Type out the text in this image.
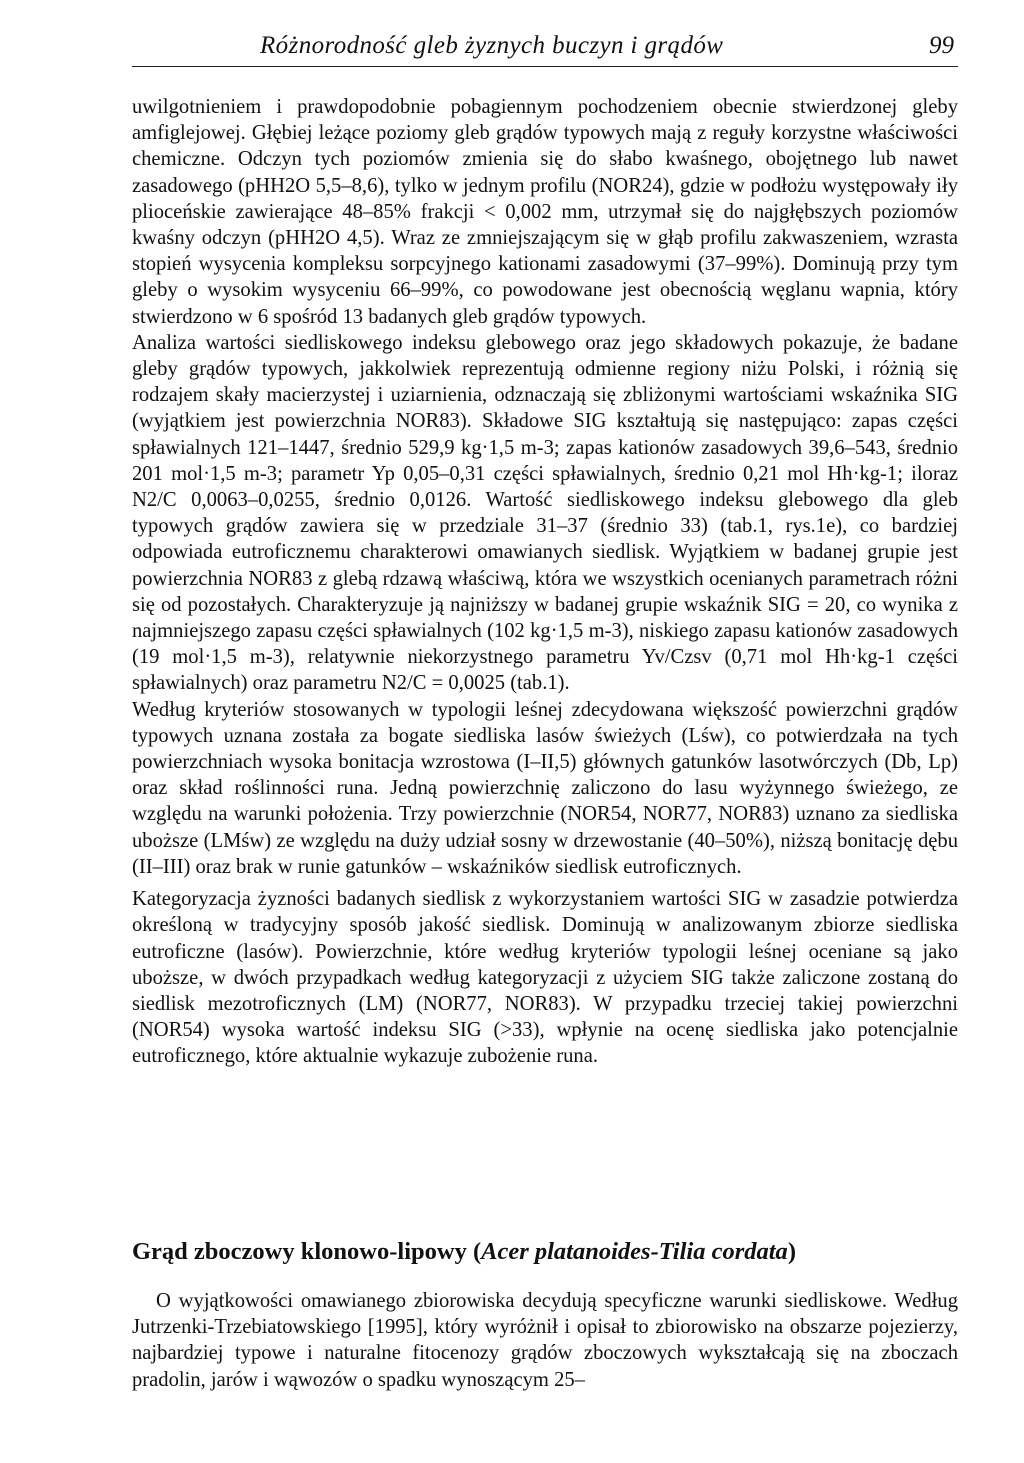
Różnorodność gleb żyznych buczyn i grądów	99

uwilgotnieniem i prawdopodobnie pobagiennym pochodzeniem obecnie stwierdzonej gleby amfiglejowej. Głębiej leżące poziomy gleb grądów typowych mają z reguły korzystne właściwości chemiczne. Odczyn tych poziomów zmienia się do słabo kwaśnego, obojętnego lub nawet zasadowego (pHH2O 5,5–8,6), tylko w jednym profilu (NOR24), gdzie w podłożu występowały iły plioceńskie zawierające 48–85% frakcji < 0,002 mm, utrzymał się do najgłębszych poziomów kwaśny odczyn (pHH2O 4,5). Wraz ze zmniejszającym się w głąb profilu zakwaszeniem, wzrasta stopień wysycenia kompleksu sorpcyjnego kationami zasadowymi (37–99%). Dominują przy tym gleby o wysokim wysyceniu 66–99%, co powodowane jest obecnością węglanu wapnia, który stwierdzono w 6 spośród 13 badanych gleb grądów typowych.

Analiza wartości siedliskowego indeksu glebowego oraz jego składowych pokazuje, że badane gleby grądów typowych, jakkolwiek reprezentują odmienne regiony niżu Polski, i różnią się rodzajem skały macierzystej i uziarnienia, odznaczają się zbliżonymi wartościami wskaźnika SIG (wyjątkiem jest powierzchnia NOR83). Składowe SIG kształtują się następująco: zapas części spławialnych 121–1447, średnio 529,9 kg·1,5 m-3; zapas kationów zasadowych 39,6–543, średnio 201 mol·1,5 m-3; parametr Yp 0,05–0,31 części spławialnych, średnio 0,21 mol Hh·kg-1; iloraz N2/C 0,0063–0,0255, średnio 0,0126. Wartość siedliskowego indeksu glebowego dla gleb typowych grądów zawiera się w przedziale 31–37 (średnio 33) (tab.1, rys.1e), co bardziej odpowiada eutroficznemu charakterowi omawianych siedlisk. Wyjątkiem w badanej grupie jest powierzchnia NOR83 z glebą rdzawą właściwą, która we wszystkich ocenianych parametrach różni się od pozostałych. Charakteryzuje ją najniższy w badanej grupie wskaźnik SIG = 20, co wynika z najmniejszego zapasu części spławialnych (102 kg·1,5 m-3), niskiego zapasu kationów zasadowych (19 mol·1,5 m-3), relatywnie niekorzystnego parametru Yv/Czsv (0,71 mol Hh·kg-1 części spławialnych) oraz parametru N2/C = 0,0025 (tab.1).

Według kryteriów stosowanych w typologii leśnej zdecydowana większość powierzchni grądów typowych uznana została za bogate siedliska lasów świeżych (Lśw), co potwierdzała na tych powierzchniach wysoka bonitacja wzrostowa (I–II,5) głównych gatunków lasotwórczych (Db, Lp) oraz skład roślinności runa. Jedną powierzchnię zaliczono do lasu wyżynnego świeżego, ze względu na warunki położenia. Trzy powierzchnie (NOR54, NOR77, NOR83) uznano za siedliska uboższe (LMśw) ze względu na duży udział sosny w drzewostanie (40–50%), niższą bonitację dębu (II–III) oraz brak w runie gatunków – wskaźników siedlisk eutroficznych.

Kategoryzacja żyzności badanych siedlisk z wykorzystaniem wartości SIG w zasadzie potwierdza określoną w tradycyjny sposób jakość siedlisk. Dominują w analizowanym zbiorze siedliska eutroficzne (lasów). Powierzchnie, które według kryteriów typologii leśnej oceniane są jako uboższe, w dwóch przypadkach według kategoryzacji z użyciem SIG także zaliczone zostaną do siedlisk mezotroficznych (LM) (NOR77, NOR83). W przypadku trzeciej takiej powierzchni (NOR54) wysoka wartość indeksu SIG (>33), wpłynie na ocenę siedliska jako potencjalnie eutroficznego, które aktualnie wykazuje zubożenie runa.

Grąd zboczowy klonowo-lipowy (Acer platanoides-Tilia cordata)

O wyjątkowości omawianego zbiorowiska decydują specyficzne warunki siedliskowe. Według Jutrzenki-Trzebiatowskiego [1995], który wyróżnił i opisał to zbiorowisko na obszarze pojezierzy, najbardziej typowe i naturalne fitocenozy grądów zboczowych wykształcają się na zboczach pradolin, jarów i wąwozów o spadku wynoszącym 25–
